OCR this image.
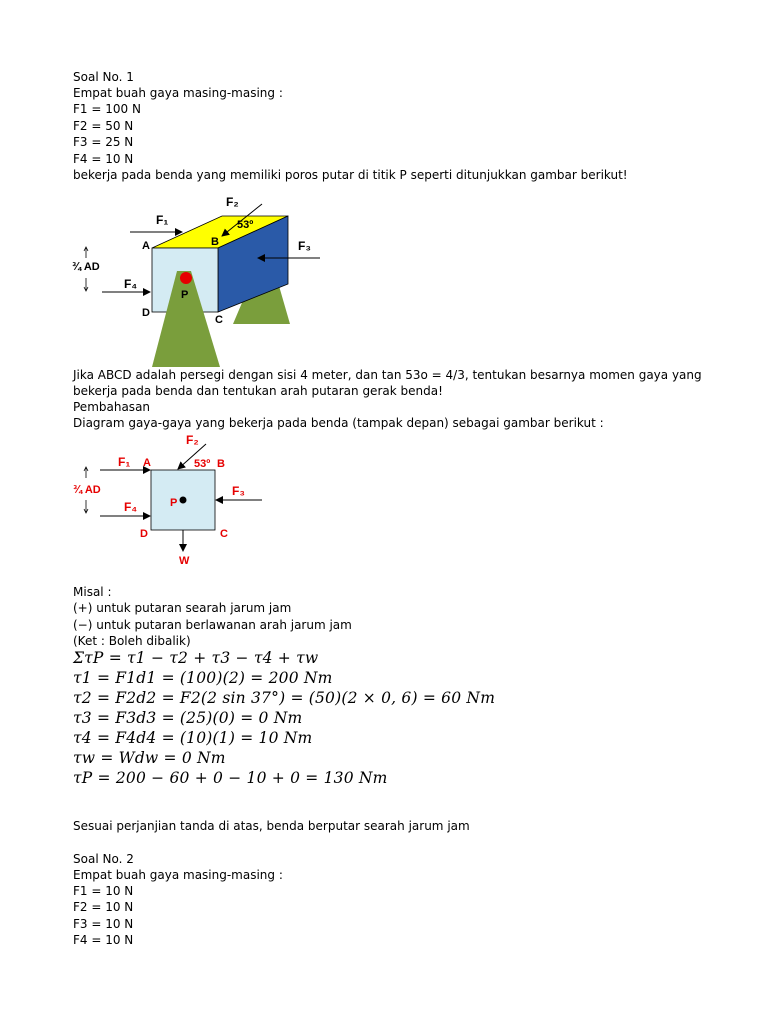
Soal No. 1
Empat buah gaya masing-masing :
F1 = 100 N
F2 = 50 N
F3 = 25 N
F4 = 10 N
bekerja pada benda yang memiliki poros putar di titik P seperti ditunjukkan gambar berikut!
F₁
F₂
53º
F₃
F₄
A	B
C
D
P
¾ AD
Jika ABCD adalah persegi dengan sisi 4 meter, dan tan 53o = 4/3, tentukan besarnya momen gaya yang
bekerja pada benda dan tentukan arah putaran gerak benda!
Pembahasan
Diagram gaya-gaya yang bekerja pada benda (tampak depan) sebagai gambar berikut :
F₂
F₁ A	53º B
¾ AD	F₃
P
F₄
D	C
W
Misal :
(+) untuk putaran searah jarum jam
(−) untuk putaran berlawanan arah jarum jam
(Ket : Boleh dibalik)
ΣτP = τ1 − τ2 + τ3 − τ4 + τw
τ1 = F1d1 = (100)(2) = 200 Nm
τ2 = F2d2 = F2(2 sin 37°) = (50)(2 × 0, 6) = 60 Nm
τ3 = F3d3 = (25)(0) = 0 Nm
τ4 = F4d4 = (10)(1) = 10 Nm
τw = Wdw = 0 Nm
τP = 200 − 60 + 0 − 10 + 0 = 130 Nm
Sesuai perjanjian tanda di atas, benda berputar searah jarum jam
Soal No. 2
Empat buah gaya masing-masing :
F1 = 10 N
F2 = 10 N
F3 = 10 N
F4 = 10 N
